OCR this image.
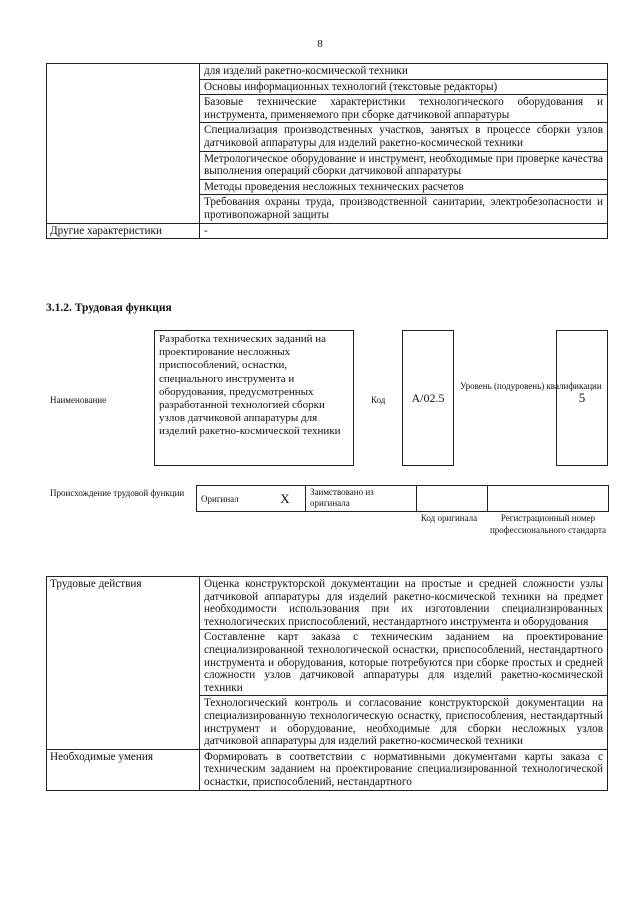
8
	для изделий ракетно-космической техники
	Основы информационных технологий (текстовые редакторы)
	Базовые технические характеристики технологического оборудования и инструмента, применяемого при сборке датчиковой аппаратуры
	Специализация производственных участков, занятых в процессе сборки узлов датчиковой аппаратуры для изделий ракетно-космической техники
	Метрологическое оборудование и инструмент, необходимые при проверке качества выполнения операций сборки датчиковой аппаратуры
	Методы проведения несложных технических расчетов
	Требования охраны труда, производственной санитарии, электробезопасности и противопожарной защиты
Другие характеристики	-
3.1.2. Трудовая функция
Наименование
Разработка технических заданий на проектирование несложных приспособлений, оснастки, специального инструмента и оборудования, предусмотренных разработанной технологией сборки узлов датчиковой аппаратуры для изделий ракетно-космической техники
Код	A/02.5
Уровень (подуровень) квалификации
5
Происхождение трудовой функции
Оригинал	X	Заимствовано из оригинала		
Код оригинала	Регистрационный номер профессионального стандарта
Трудовые действия	Оценка конструкторской документации на простые и средней сложности узлы датчиковой аппаратуры для изделий ракетно-космической техники на предмет необходимости использования при их изготовлении специализированных технологических приспособлений, нестандартного инструмента и оборудования
	Составление карт заказа с техническим заданием на проектирование специализированной технологической оснастки, приспособлений, нестандартного инструмента и оборудования, которые потребуются при сборке простых и средней сложности узлов датчиковой аппаратуры для изделий ракетно-космической техники
	Технологический контроль и согласование конструкторской документации на специализированную технологическую оснастку, приспособления, нестандартный инструмент и оборудование, необходимые для сборки несложных узлов датчиковой аппаратуры для изделий ракетно-космической техники
Необходимые умения	Формировать в соответствии с нормативными документами карты заказа с техническим заданием на проектирование специализированной технологической оснастки, приспособлений, нестандартного
